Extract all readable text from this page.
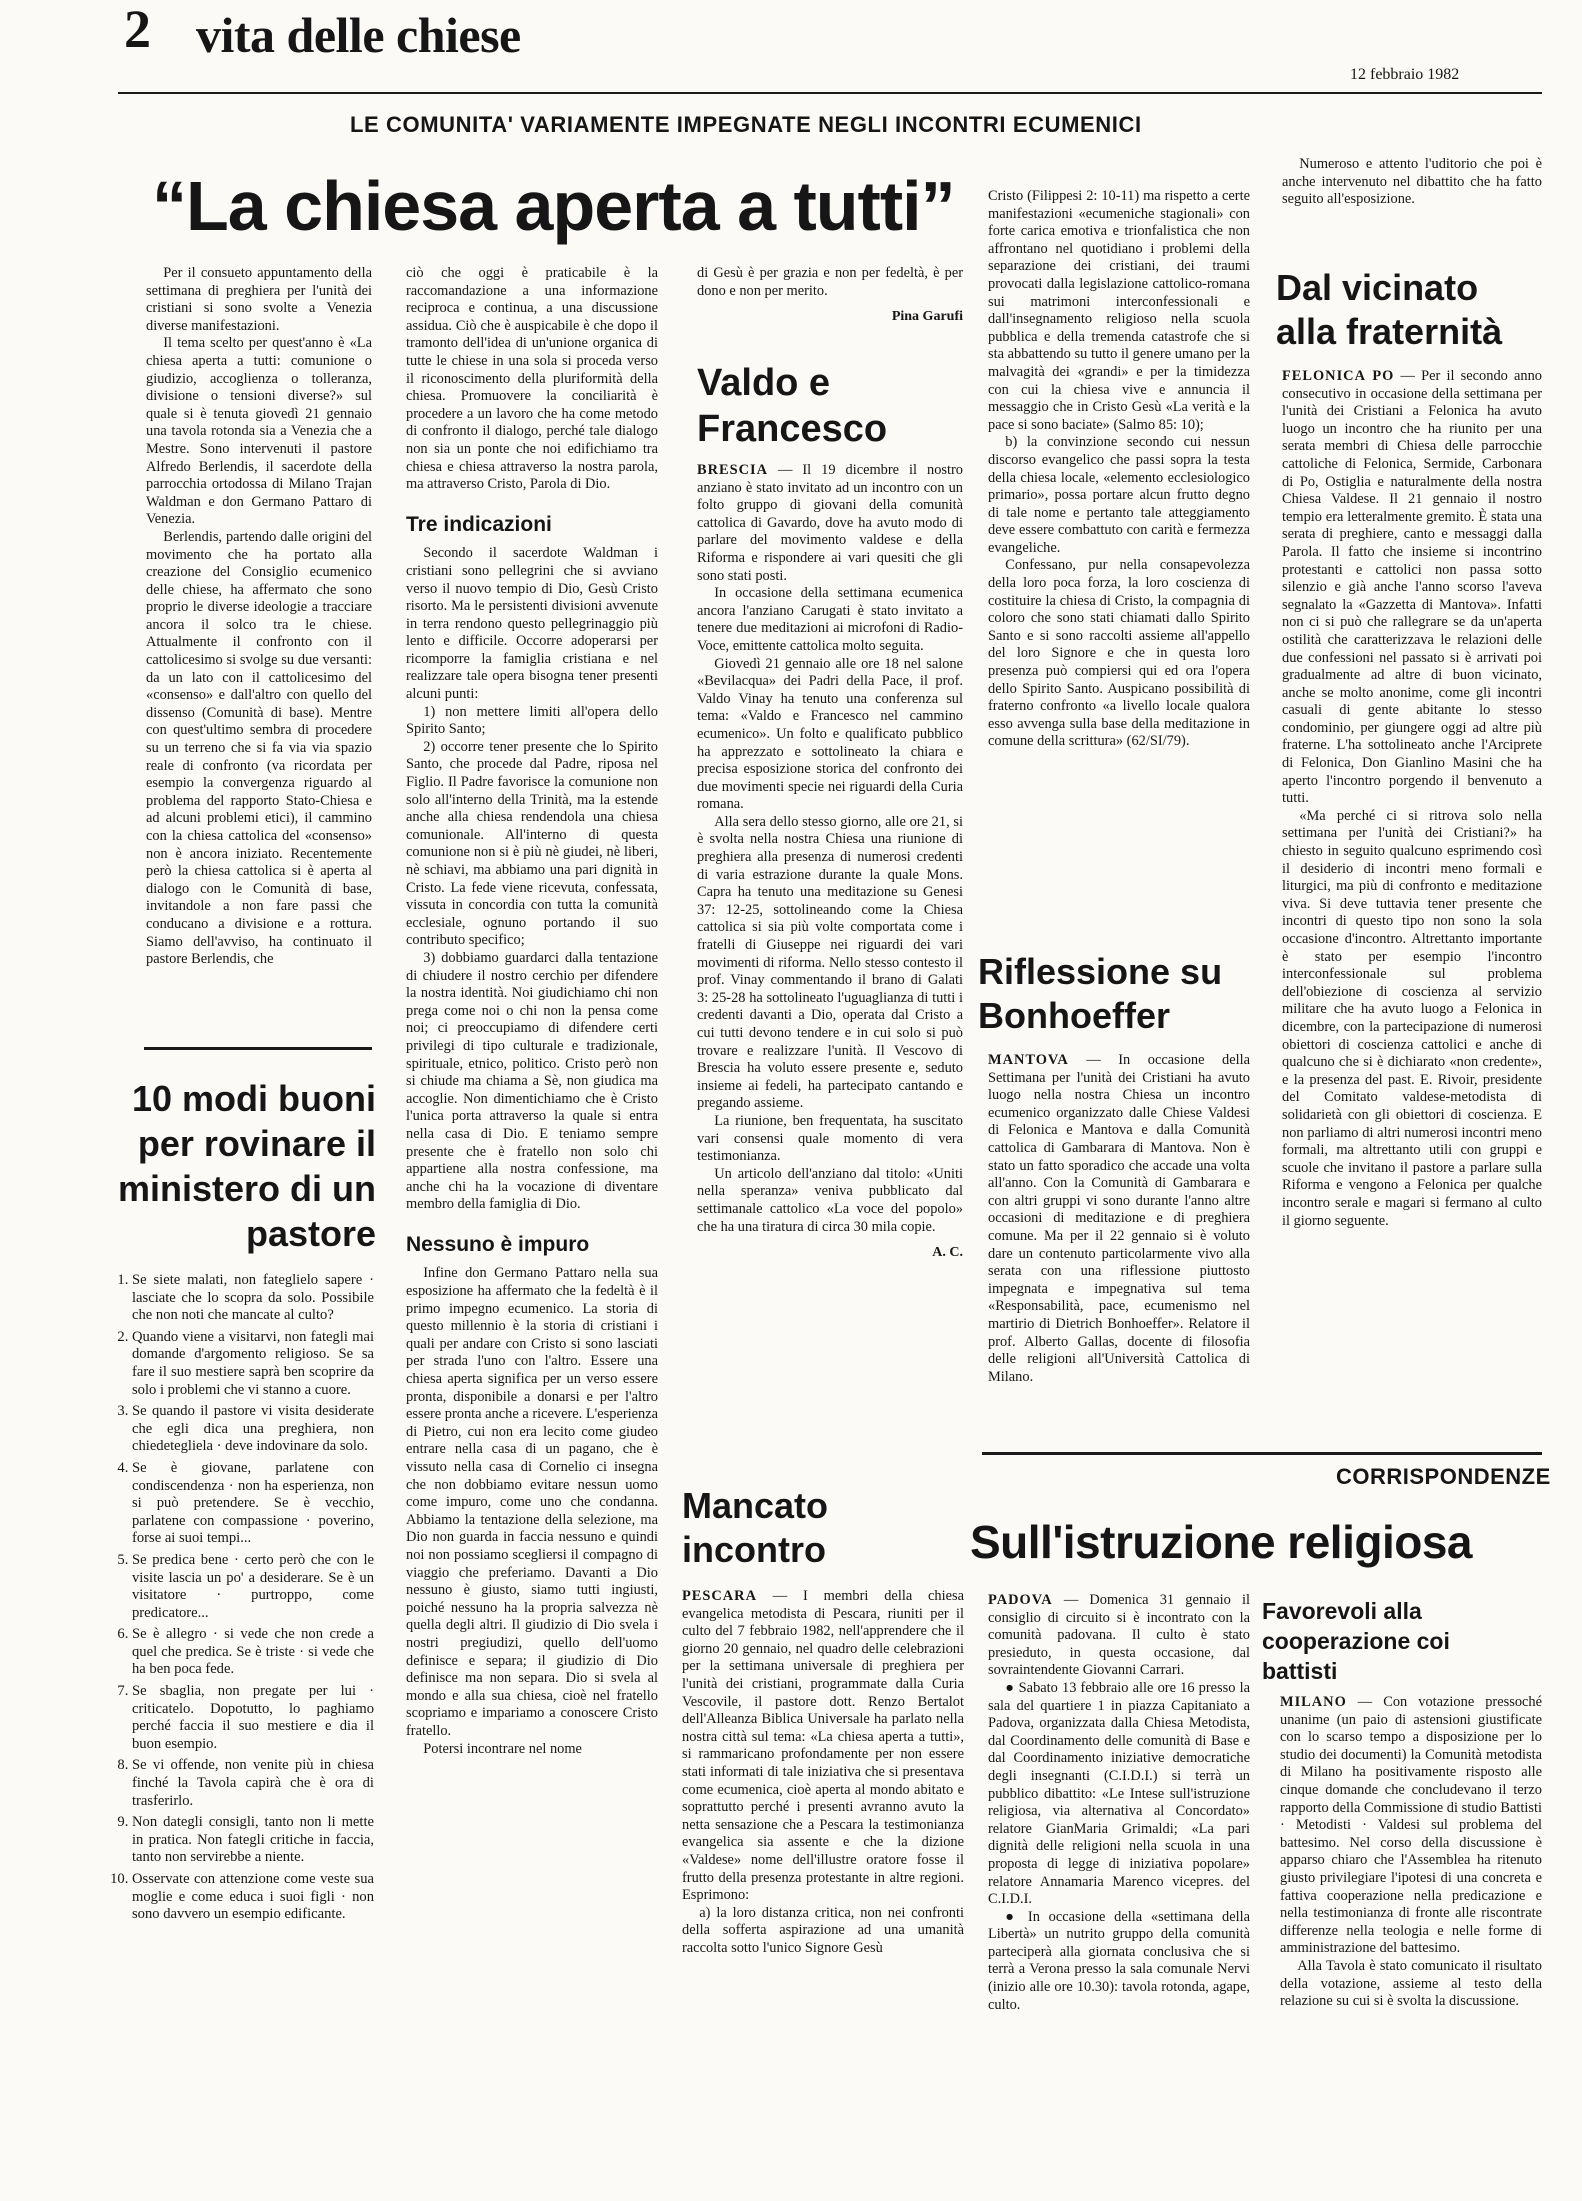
2 vita delle chiese
12 febbraio 1982
LE COMUNITA' VARIAMENTE IMPEGNATE NEGLI INCONTRI ECUMENICI
“La chiesa aperta a tutti”

Per il consueto appuntamento della settimana di preghiera per l'unità dei cristiani si sono svolte a Venezia diverse manifestazioni.

Il tema scelto per quest'anno è «La chiesa aperta a tutti: comunione o giudizio, accoglienza o tolleranza, divisione o tensioni diverse?» sul quale si è tenuta giovedì 21 gennaio una tavola rotonda sia a Venezia che a Mestre. Sono intervenuti il pastore Alfredo Berlendis, il sacerdote della parrocchia ortodossa di Milano Trajan Waldman e don Germano Pattaro di Venezia.

Berlendis, partendo dalle origini del movimento che ha portato alla creazione del Consiglio ecumenico delle chiese, ha affermato che sono proprio le diverse ideologie a tracciare ancora il solco tra le chiese. Attualmente il confronto con il cattolicesimo si svolge su due versanti: da un lato con il cattolicesimo del «consenso» e dall'altro con quello del dissenso (Comunità di base). Mentre con quest'ultimo sembra di procedere su un terreno che si fa via via spazio reale di confronto (va ricordata per esempio la convergenza riguardo al problema del rapporto Stato-Chiesa e ad alcuni problemi etici), il cammino con la chiesa cattolica del «consenso» non è ancora iniziato. Recentemente però la chiesa cattolica si è aperta al dialogo con le Comunità di base, invitandole a non fare passi che conducano a divisione e a rottura. Siamo dell'avviso, ha continuato il pastore Berlendis, che

10 modi buoni per rovinare il ministero di un pastore
1. Se siete malati, non fateglielo sapere · lasciate che lo scopra da solo. Possibile che non noti che mancate al culto?
2. Quando viene a visitarvi, non fategli mai domande d'argomento religioso. Se sa fare il suo mestiere saprà ben scoprire da solo i problemi che vi stanno a cuore.
3. Se quando il pastore vi visita desiderate che egli dica una preghiera, non chiedetegliela · deve indovinare da solo.
4. Se è giovane, parlatene con condiscendenza · non ha esperienza, non si può pretendere. Se è vecchio, parlatene con compassione · poverino, forse ai suoi tempi...
5. Se predica bene · certo però che con le visite lascia un po' a desiderare. Se è un visitatore · purtroppo, come predicatore...
6. Se è allegro · si vede che non crede a quel che predica. Se è triste · si vede che ha ben poca fede.
7. Se sbaglia, non pregate per lui · criticatelo. Dopotutto, lo paghiamo perché faccia il suo mestiere e dia il buon esempio.
8. Se vi offende, non venite più in chiesa finché la Tavola capirà che è ora di trasferirlo.
9. Non dategli consigli, tanto non li mette in pratica. Non fategli critiche in faccia, tanto non servirebbe a niente.
10. Osservate con attenzione come veste sua moglie e come educa i suoi figli · non sono davvero un esempio edificante.

ciò che oggi è praticabile è la raccomandazione a una informazione reciproca e continua, a una discussione assidua. Ciò che è auspicabile è che dopo il tramonto dell'idea di un'unione organica di tutte le chiese in una sola si proceda verso il riconoscimento della pluriformità della chiesa. Promuovere la conciliarità è procedere a un lavoro che ha come metodo di confronto il dialogo, perché tale dialogo non sia un ponte che noi edifichiamo tra chiesa e chiesa attraverso la nostra parola, ma attraverso Cristo, Parola di Dio.

Tre indicazioni

Secondo il sacerdote Waldman i cristiani sono pellegrini che si avviano verso il nuovo tempio di Dio, Gesù Cristo risorto. Ma le persistenti divisioni avvenute in terra rendono questo pellegrinaggio più lento e difficile. Occorre adoperarsi per ricomporre la famiglia cristiana e nel realizzare tale opera bisogna tener presenti alcuni punti:

1) non mettere limiti all'opera dello Spirito Santo;

2) occorre tener presente che lo Spirito Santo, che procede dal Padre, riposa nel Figlio. Il Padre favorisce la comunione non solo all'interno della Trinità, ma la estende anche alla chiesa rendendola una chiesa comunionale. All'interno di questa comunione non si è più nè giudei, nè liberi, nè schiavi, ma abbiamo una pari dignità in Cristo. La fede viene ricevuta, confessata, vissuta in concordia con tutta la comunità ecclesiale, ognuno portando il suo contributo specifico;

3) dobbiamo guardarci dalla tentazione di chiudere il nostro cerchio per difendere la nostra identità. Noi giudichiamo chi non prega come noi o chi non la pensa come noi; ci preoccupiamo di difendere certi privilegi di tipo culturale e tradizionale, spirituale, etnico, politico. Cristo però non si chiude ma chiama a Sè, non giudica ma accoglie. Non dimentichiamo che è Cristo l'unica porta attraverso la quale si entra nella casa di Dio. E teniamo sempre presente che è fratello non solo chi appartiene alla nostra confessione, ma anche chi ha la vocazione di diventare membro della famiglia di Dio.

Nessuno è impuro

Infine don Germano Pattaro nella sua esposizione ha affermato che la fedeltà è il primo impegno ecumenico. La storia di questo millennio è la storia di cristiani i quali per andare con Cristo si sono lasciati per strada l'uno con l'altro. Essere una chiesa aperta significa per un verso essere pronta, disponibile a donarsi e per l'altro essere pronta anche a ricevere. L'esperienza di Pietro, cui non era lecito come giudeo entrare nella casa di un pagano, che è vissuto nella casa di Cornelio ci insegna che non dobbiamo evitare nessun uomo come impuro, come uno che condanna. Abbiamo la tentazione della selezione, ma Dio non guarda in faccia nessuno e quindi noi non possiamo scegliersi il compagno di viaggio che preferiamo. Davanti a Dio nessuno è giusto, siamo tutti ingiusti, poiché nessuno ha la propria salvezza nè quella degli altri. Il giudizio di Dio svela i nostri pregiudizi, quello dell'uomo definisce e separa; il giudizio di Dio definisce ma non separa. Dio si svela al mondo e alla sua chiesa, cioè nel fratello scopriamo e impariamo a conoscere Cristo fratello.

Potersi incontrare nel nome

di Gesù è per grazia e non per fedeltà, è per dono e non per merito.

Pina Garufi
Valdo e Francesco

BRESCIA — Il 19 dicembre il nostro anziano è stato invitato ad un incontro con un folto gruppo di giovani della comunità cattolica di Gavardo, dove ha avuto modo di parlare del movimento valdese e della Riforma e rispondere ai vari quesiti che gli sono stati posti.

In occasione della settimana ecumenica ancora l'anziano Carugati è stato invitato a tenere due meditazioni ai microfoni di Radio-Voce, emittente cattolica molto seguita.

Giovedì 21 gennaio alle ore 18 nel salone «Bevilacqua» dei Padri della Pace, il prof. Valdo Vinay ha tenuto una conferenza sul tema: «Valdo e Francesco nel cammino ecumenico». Un folto e qualificato pubblico ha apprezzato e sottolineato la chiara e precisa esposizione storica del confronto dei due movimenti specie nei riguardi della Curia romana.

Alla sera dello stesso giorno, alle ore 21, si è svolta nella nostra Chiesa una riunione di preghiera alla presenza di numerosi credenti di varia estrazione durante la quale Mons. Capra ha tenuto una meditazione su Genesi 37: 12-25, sottolineando come la Chiesa cattolica si sia più volte comportata come i fratelli di Giuseppe nei riguardi dei vari movimenti di riforma. Nello stesso contesto il prof. Vinay commentando il brano di Galati 3: 25-28 ha sottolineato l'uguaglianza di tutti i credenti davanti a Dio, operata dal Cristo a cui tutti devono tendere e in cui solo si può trovare e realizzare l'unità. Il Vescovo di Brescia ha voluto essere presente e, seduto insieme ai fedeli, ha partecipato cantando e pregando assieme.

La riunione, ben frequentata, ha suscitato vari consensi quale momento di vera testimonianza.

Un articolo dell'anziano dal titolo: «Uniti nella speranza» veniva pubblicato dal settimanale cattolico «La voce del popolo» che ha una tiratura di circa 30 mila copie.

A. C.
Mancato incontro

PESCARA — I membri della chiesa evangelica metodista di Pescara, riuniti per il culto del 7 febbraio 1982, nell'apprendere che il giorno 20 gennaio, nel quadro delle celebrazioni per la settimana universale di preghiera per l'unità dei cristiani, programmate dalla Curia Vescovile, il pastore dott. Renzo Bertalot dell'Alleanza Biblica Universale ha parlato nella nostra città sul tema: «La chiesa aperta a tutti», si rammaricano profondamente per non essere stati informati di tale iniziativa che si presentava come ecumenica, cioè aperta al mondo abitato e soprattutto perché i presenti avranno avuto la netta sensazione che a Pescara la testimonianza evangelica sia assente e che la dizione «Valdese» nome dell'illustre oratore fosse il frutto della presenza protestante in altre regioni. Esprimono:

a) la loro distanza critica, non nei confronti della sofferta aspirazione ad una umanità raccolta sotto l'unico Signore Gesù

Cristo (Filippesi 2: 10-11) ma rispetto a certe manifestazioni «ecumeniche stagionali» con forte carica emotiva e trionfalistica che non affrontano nel quotidiano i problemi della separazione dei cristiani, dei traumi provocati dalla legislazione cattolico-romana sui matrimoni interconfessionali e dall'insegnamento religioso nella scuola pubblica e della tremenda catastrofe che si sta abbattendo su tutto il genere umano per la malvagità dei «grandi» e per la timidezza con cui la chiesa vive e annuncia il messaggio che in Cristo Gesù «La verità e la pace si sono baciate» (Salmo 85: 10);

b) la convinzione secondo cui nessun discorso evangelico che passi sopra la testa della chiesa locale, «elemento ecclesiologico primario», possa portare alcun frutto degno di tale nome e pertanto tale atteggiamento deve essere combattuto con carità e fermezza evangeliche.

Confessano, pur nella consapevolezza della loro poca forza, la loro coscienza di costituire la chiesa di Cristo, la compagnia di coloro che sono stati chiamati dallo Spirito Santo e si sono raccolti assieme all'appello del loro Signore e che in questa loro presenza può compiersi qui ed ora l'opera dello Spirito Santo. Auspicano possibilità di fraterno confronto «a livello locale qualora esso avvenga sulla base della meditazione in comune della scrittura» (62/SI/79).

Riflessione su Bonhoeffer

MANTOVA — In occasione della Settimana per l'unità dei Cristiani ha avuto luogo nella nostra Chiesa un incontro ecumenico organizzato dalle Chiese Valdesi di Felonica e Mantova e dalla Comunità cattolica di Gambarara di Mantova. Non è stato un fatto sporadico che accade una volta all'anno. Con la Comunità di Gambarara e con altri gruppi vi sono durante l'anno altre occasioni di meditazione e di preghiera comune. Ma per il 22 gennaio si è voluto dare un contenuto particolarmente vivo alla serata con una riflessione piuttosto impegnata e impegnativa sul tema «Responsabilità, pace, ecumenismo nel martirio di Dietrich Bonhoeffer». Relatore il prof. Alberto Gallas, docente di filosofia delle religioni all'Università Cattolica di Milano.

Numeroso e attento l'uditorio che poi è anche intervenuto nel dibattito che ha fatto seguito all'esposizione.

Dal vicinato alla fraternità

FELONICA PO — Per il secondo anno consecutivo in occasione della settimana per l'unità dei Cristiani a Felonica ha avuto luogo un incontro che ha riunito per una serata membri di Chiesa delle parrocchie cattoliche di Felonica, Sermide, Carbonara di Po, Ostiglia e naturalmente della nostra Chiesa Valdese. Il 21 gennaio il nostro tempio era letteralmente gremito. È stata una serata di preghiere, canto e messaggi dalla Parola. Il fatto che insieme si incontrino protestanti e cattolici non passa sotto silenzio e già anche l'anno scorso l'aveva segnalato la «Gazzetta di Mantova». Infatti non ci si può che rallegrare se da un'aperta ostilità che caratterizzava le relazioni delle due confessioni nel passato si è arrivati poi gradualmente ad altre di buon vicinato, anche se molto anonime, come gli incontri casuali di gente abitante lo stesso condominio, per giungere oggi ad altre più fraterne. L'ha sottolineato anche l'Arciprete di Felonica, Don Gianlino Masini che ha aperto l'incontro porgendo il benvenuto a tutti.

«Ma perché ci si ritrova solo nella settimana per l'unità dei Cristiani?» ha chiesto in seguito qualcuno esprimendo così il desiderio di incontri meno formali e liturgici, ma più di confronto e meditazione viva. Si deve tuttavia tener presente che incontri di questo tipo non sono la sola occasione d'incontro. Altrettanto importante è stato per esempio l'incontro interconfessionale sul problema dell'obiezione di coscienza al servizio militare che ha avuto luogo a Felonica in dicembre, con la partecipazione di numerosi obiettori di coscienza cattolici e anche di qualcuno che si è dichiarato «non credente», e la presenza del past. E. Rivoir, presidente del Comitato valdese-metodista di solidarietà con gli obiettori di coscienza. E non parliamo di altri numerosi incontri meno formali, ma altrettanto utili con gruppi e scuole che invitano il pastore a parlare sulla Riforma e vengono a Felonica per qualche incontro serale e magari si fermano al culto il giorno seguente.

CORRISPONDENZE
Sull'istruzione religiosa

PADOVA — Domenica 31 gennaio il consiglio di circuito si è incontrato con la comunità padovana. Il culto è stato presieduto, in questa occasione, dal sovraintendente Giovanni Carrari.

● Sabato 13 febbraio alle ore 16 presso la sala del quartiere 1 in piazza Capitaniato a Padova, organizzata dalla Chiesa Metodista, dal Coordinamento delle comunità di Base e dal Coordinamento iniziative democratiche degli insegnanti (C.I.D.I.) si terrà un pubblico dibattito: «Le Intese sull'istruzione religiosa, via alternativa al Concordato» relatore GianMaria Grimaldi; «La pari dignità delle religioni nella scuola in una proposta di legge di iniziativa popolare» relatore Annamaria Marenco vicepres. del C.I.D.I.

● In occasione della «settimana della Libertà» un nutrito gruppo della comunità parteciperà alla giornata conclusiva che si terrà a Verona presso la sala comunale Nervi (inizio alle ore 10.30): tavola rotonda, agape, culto.

Favorevoli alla cooperazione coi battisti

MILANO — Con votazione pressoché unanime (un paio di astensioni giustificate con lo scarso tempo a disposizione per lo studio dei documenti) la Comunità metodista di Milano ha positivamente risposto alle cinque domande che concludevano il terzo rapporto della Commissione di studio Battisti · Metodisti · Valdesi sul problema del battesimo. Nel corso della discussione è apparso chiaro che l'Assemblea ha ritenuto giusto privilegiare l'ipotesi di una concreta e fattiva cooperazione nella predicazione e nella testimonianza di fronte alle riscontrate differenze nella teologia e nelle forme di amministrazione del battesimo.

Alla Tavola è stato comunicato il risultato della votazione, assieme al testo della relazione su cui si è svolta la discussione.
